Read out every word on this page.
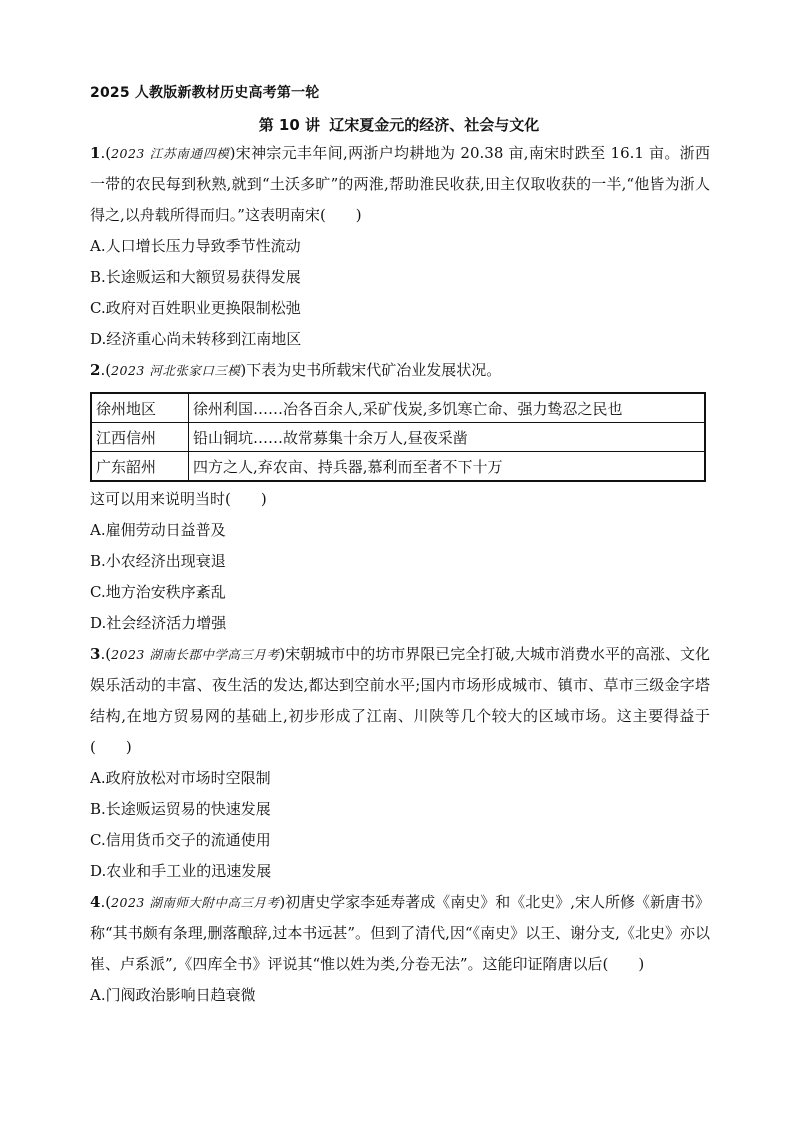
2025 人教版新教材历史高考第一轮
第 10 讲 辽宋夏金元的经济、社会与文化
1.(2023 江苏南通四模)宋神宗元丰年间,两浙户均耕地为 20.38 亩,南宋时跌至 16.1 亩。浙西一带的农民每到秋熟,就到“土沃多旷”的两淮,帮助淮民收获,田主仅取收获的一半,“他皆为浙人得之,以舟载所得而归。”这表明南宋(　　)
A.人口增长压力导致季节性流动
B.长途贩运和大额贸易获得发展
C.政府对百姓职业更换限制松弛
D.经济重心尚未转移到江南地区
2.(2023 河北张家口三模)下表为史书所载宋代矿冶业发展状况。
徐州地区	徐州利国……冶各百余人,采矿伐炭,多饥寒亡命、强力鸷忍之民也
江西信州	铅山铜坑……故常募集十余万人,昼夜采凿
广东韶州	四方之人,弃农亩、持兵器,慕利而至者不下十万
这可以用来说明当时(　　)
A.雇佣劳动日益普及
B.小农经济出现衰退
C.地方治安秩序紊乱
D.社会经济活力增强
3.(2023 湖南长郡中学高三月考)宋朝城市中的坊市界限已完全打破,大城市消费水平的高涨、文化娱乐活动的丰富、夜生活的发达,都达到空前水平;国内市场形成城市、镇市、草市三级金字塔结构,在地方贸易网的基础上,初步形成了江南、川陕等几个较大的区域市场。这主要得益于(　　)
A.政府放松对市场时空限制
B.长途贩运贸易的快速发展
C.信用货币交子的流通使用
D.农业和手工业的迅速发展
4.(2023 湖南师大附中高三月考)初唐史学家李延寿著成《南史》和《北史》,宋人所修《新唐书》称“其书颇有条理,删落酿辞,过本书远甚”。但到了清代,因“《南史》以王、谢分支,《北史》亦以崔、卢系派”,《四库全书》评说其“惟以姓为类,分卷无法”。这能印证隋唐以后(　　)
A.门阀政治影响日趋衰微
